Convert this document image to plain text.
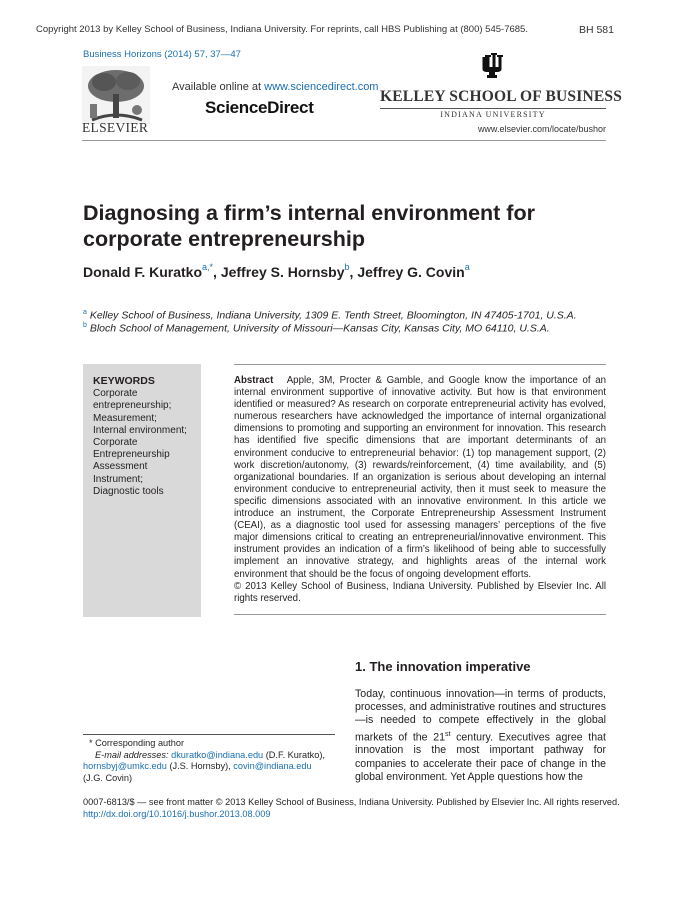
Copyright 2013 by Kelley School of Business, Indiana University. For reprints, call HBS Publishing at (800) 545-7685.	BH 581
Business Horizons (2014) 57, 37—47
ELSEVIER
Available online at www.sciencedirect.com
ScienceDirect
KELLEY SCHOOL OF BUSINESS
INDIANA UNIVERSITY
www.elsevier.com/locate/bushor
Diagnosing a firm’s internal environment for corporate entrepreneurship
Donald F. Kuratko$^{a,*}$, Jeffrey S. Hornsby$^b$, Jeffrey G. Covin$^a$
$^a$ Kelley School of Business, Indiana University, 1309 E. Tenth Street, Bloomington, IN 47405-1701, U.S.A.
$^b$ Bloch School of Management, University of Missouri—Kansas City, Kansas City, MO 64110, U.S.A.
KEYWORDS
Corporate
entrepreneurship;
Measurement;
Internal environment;
Corporate
Entrepreneurship
Assessment
Instrument;
Diagnostic tools
Abstract Apple, 3M, Procter & Gamble, and Google know the importance of an internal environment supportive of innovative activity. But how is that environment identified or measured? As research on corporate entrepreneurial activity has evolved, numerous researchers have acknowledged the importance of internal organizational dimensions to promoting and supporting an environment for innovation. This research has identified five specific dimensions that are important determinants of an environment conducive to entrepreneurial behavior: (1) top management support, (2) work discretion/autonomy, (3) rewards/reinforcement, (4) time availability, and (5) organizational boundaries. If an organization is serious about developing an internal environment conducive to entrepreneurial activity, then it must seek to measure the specific dimensions associated with an innovative environment. In this article we introduce an instrument, the Corporate Entrepreneurship Assessment Instrument (CEAI), as a diagnostic tool used for assessing managers’ perceptions of the five major dimensions critical to creating an entrepreneurial/innovative environment. This instrument provides an indication of a firm’s likelihood of being able to successfully implement an innovative strategy, and highlights areas of the internal work environment that should be the focus of ongoing development efforts.
© 2013 Kelley School of Business, Indiana University. Published by Elsevier Inc. All rights reserved.
1. The innovation imperative
Today, continuous innovation—in terms of products, processes, and administrative routines and structures—is needed to compete effectively in the global markets of the 21st century. Executives agree that innovation is the most important pathway for companies to accelerate their pace of change in the global environment. Yet Apple questions how the
* Corresponding author
E-mail addresses: dkuratko@indiana.edu (D.F. Kuratko),
hornsbyj@umkc.edu (J.S. Hornsby), covin@indiana.edu
(J.G. Covin)
0007-6813/$ — see front matter © 2013 Kelley School of Business, Indiana University. Published by Elsevier Inc. All rights reserved.
http://dx.doi.org/10.1016/j.bushor.2013.08.009
